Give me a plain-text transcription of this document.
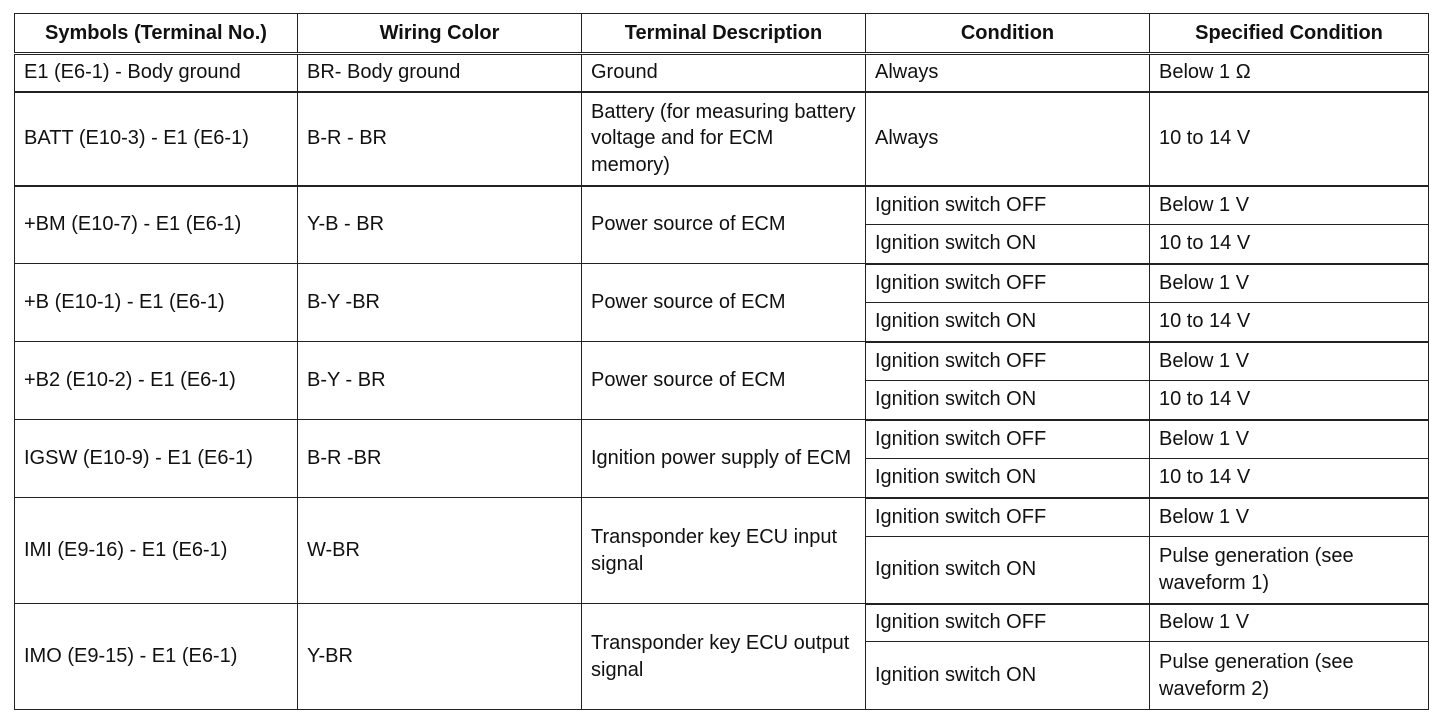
Symbols (Terminal No.)	Wiring Color	Terminal Description	Condition	Specified Condition
E1 (E6-1) - Body ground	BR- Body ground	Ground	Always	Below 1 Ω
BATT (E10-3) - E1 (E6-1)	B-R - BR	Battery (for measuring battery voltage and for ECM memory)	Always	10 to 14 V
+BM (E10-7) - E1 (E6-1)	Y-B - BR	Power source of ECM	Ignition switch OFF	Below 1 V
			Ignition switch ON	10 to 14 V
+B (E10-1) - E1 (E6-1)	B-Y -BR	Power source of ECM	Ignition switch OFF	Below 1 V
			Ignition switch ON	10 to 14 V
+B2 (E10-2) - E1 (E6-1)	B-Y - BR	Power source of ECM	Ignition switch OFF	Below 1 V
			Ignition switch ON	10 to 14 V
IGSW (E10-9) - E1 (E6-1)	B-R -BR	Ignition power supply of ECM	Ignition switch OFF	Below 1 V
			Ignition switch ON	10 to 14 V
IMI (E9-16) - E1 (E6-1)	W-BR	Transponder key ECU input signal	Ignition switch OFF	Below 1 V
			Ignition switch ON	Pulse generation (see waveform 1)
IMO (E9-15) - E1 (E6-1)	Y-BR	Transponder key ECU output signal	Ignition switch OFF	Below 1 V
			Ignition switch ON	Pulse generation (see waveform 2)
